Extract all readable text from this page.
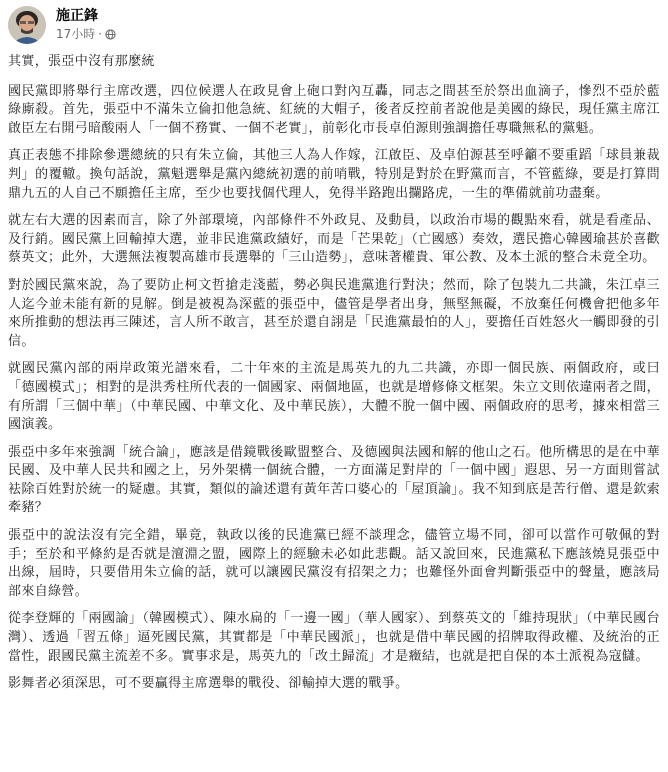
施正鋒
17小時 ·

其實，張亞中沒有那麼統

國民黨即將舉行主席改選，四位候選人在政見會上砲口對內互轟，同志之間甚至於祭出血滴子，慘烈不亞於藍綠廝殺。首先，張亞中不滿朱立倫扣他急統、紅統的大帽子，後者反控前者說他是美國的綠民，現任黨主席江啟臣左右開弓暗酸兩人「一個不務實、一個不老實」，前彰化市長卓伯源則強調擔任專職無私的黨魁。

真正表態不排除參選總統的只有朱立倫，其他三人為人作嫁，江啟臣、及卓伯源甚至呼籲不要重蹈「球員兼裁判」的覆轍。換句話說，黨魁選舉是黨內總統初選的前哨戰，特別是對於在野黨而言，不管藍綠，要是打算問鼎九五的人自己不願擔任主席，至少也要找個代理人，免得半路跑出攔路虎，一生的準備就前功盡棄。

就左右大選的因素而言，除了外部環境，內部條件不外政見、及動員，以政治市場的觀點來看，就是看產品、及行銷。國民黨上回輸掉大選，並非民進黨政績好，而是「芒果乾」（亡國感）奏效，選民擔心韓國瑜甚於喜歡蔡英文；此外，大選無法複製高雄市長選舉的「三山造勢」，意味著權貴、軍公教、及本土派的整合未竟全功。

對於國民黨來說，為了要防止柯文哲搶走淺藍，勢必與民進黨進行對決；然而，除了包裝九二共識，朱江卓三人迄今並未能有新的見解。倒是被視為深藍的張亞中，儘管是學者出身，無堅無礙，不放棄任何機會把他多年來所推動的想法再三陳述，言人所不敢言，甚至於還自詡是「民進黨最怕的人」，要擔任百姓怒火一觸即發的引信。

就國民黨內部的兩岸政策光譜來看，二十年來的主流是馬英九的九二共識，亦即一個民族、兩個政府，或曰「德國模式」；相對的是洪秀柱所代表的一個國家、兩個地區，也就是增修條文框架。朱立文則依違兩者之間，有所謂「三個中華」（中華民國、中華文化、及中華民族），大體不脫一個中國、兩個政府的思考，據來相當三國演義。

張亞中多年來強調「統合論」，應該是借鏡戰後歐盟整合、及德國與法國和解的他山之石。他所構思的是在中華民國、及中華人民共和國之上，另外架構一個統合體，一方面滿足對岸的「一個中國」遐思、另一方面則嘗試袪除百姓對於統一的疑慮。其實，類似的論述還有黃年苦口婆心的「屋頂論」。我不知到底是苦行僧、還是欽索牽豬？

張亞中的說法沒有完全錯，畢竟，執政以後的民進黨已經不談理念，儘管立場不同，卻可以當作可敬佩的對手；至於和平條約是否就是澶淵之盟，國際上的經驗未必如此悲觀。話又說回來，民進黨私下應該燒見張亞中出線，屆時，只要借用朱立倫的話，就可以讓國民黨沒有招架之力；也難怪外面會判斷張亞中的聲量，應該局部來自綠營。

從李登輝的「兩國論」（韓國模式）、陳水扁的「一邊一國」（華人國家）、到蔡英文的「維持現狀」（中華民國台灣）、透過「習五條」逼死國民黨，其實都是「中華民國派」，也就是借中華民國的招牌取得政權、及統治的正當性，跟國民黨主流差不多。實事求是，馬英九的「改土歸流」才是癥結，也就是把自保的本土派視為寇讎。

影舞者必須深思，可不要贏得主席選舉的戰役、卻輸掉大選的戰爭。
